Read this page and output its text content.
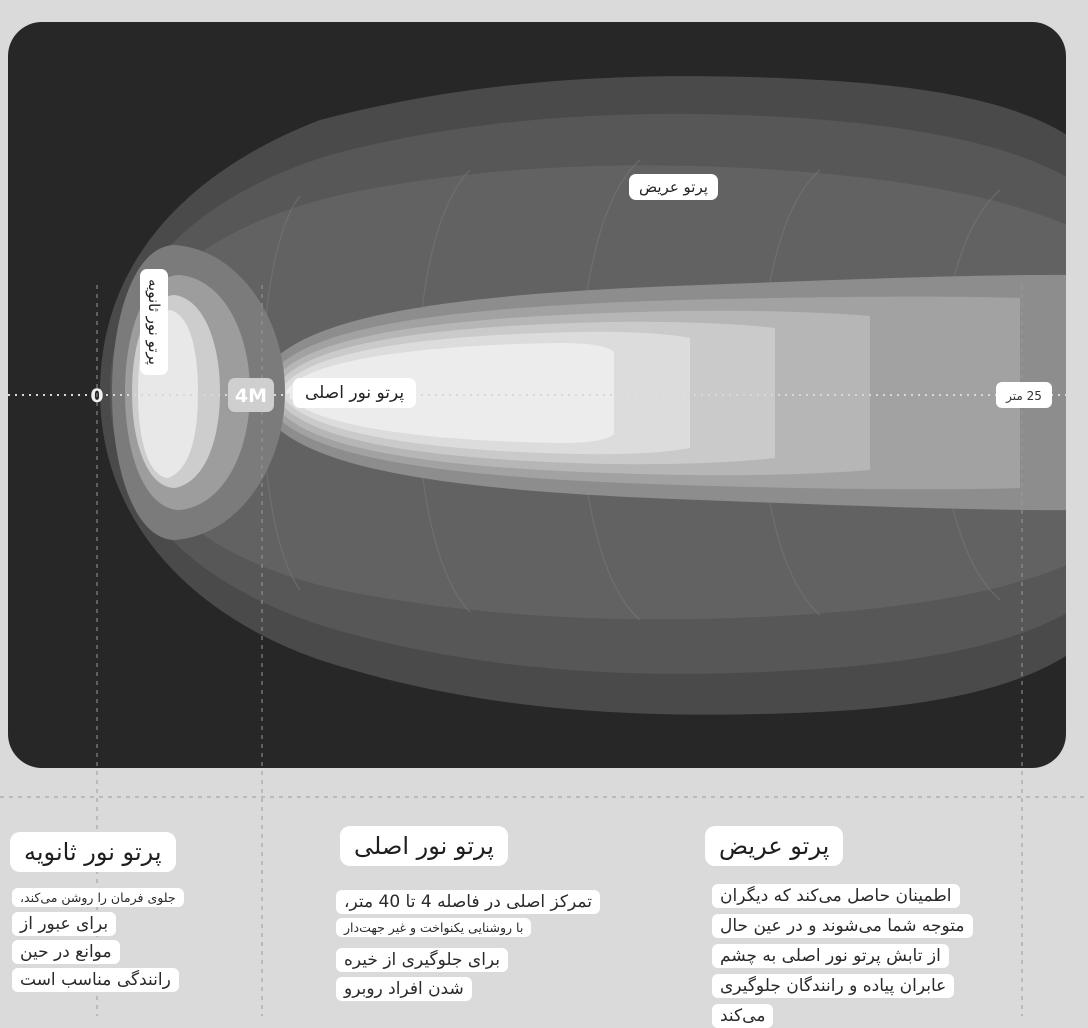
0	4M	25 متر
پرتو عریض
پرتو نور اصلی
پرتو نور ثانویه
پرتو نور ثانویه
جلوی فرمان را روشن می‌کند،
برای عبور از
موانع در حین
رانندگی مناسب است
پرتو نور اصلی
تمرکز اصلی در فاصله 4 تا 40 متر،
با روشنایی یکنواخت و غیر جهت‌دار
برای جلوگیری از خیره
شدن افراد روبرو
پرتو عریض
اطمینان حاصل می‌کند که دیگران
متوجه شما می‌شوند و در عین حال
از تابش پرتو نور اصلی به چشم
عابران پیاده و رانندگان جلوگیری
می‌کند
